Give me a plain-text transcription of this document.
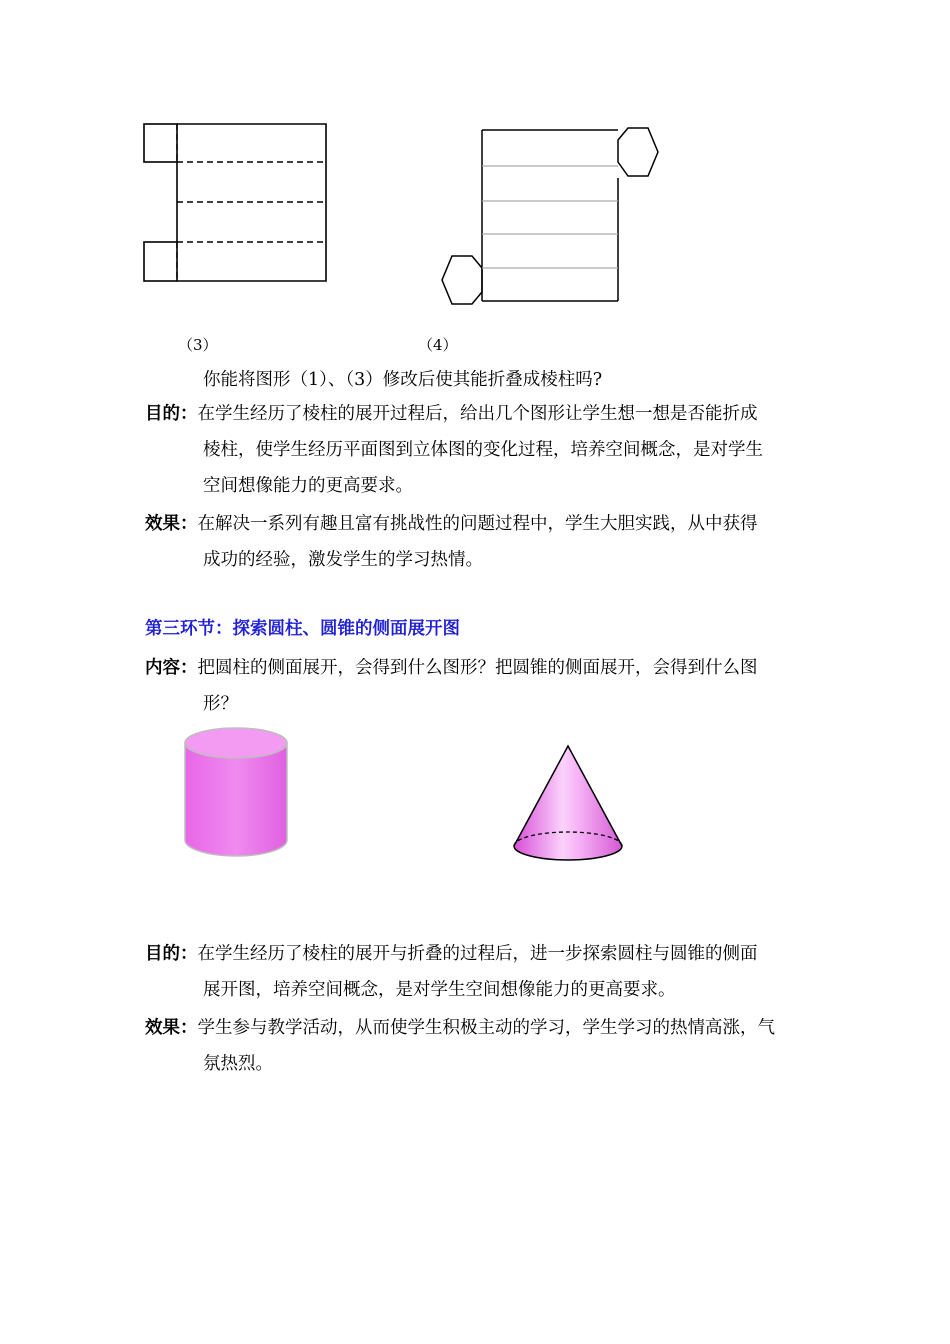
（3）	（4）
你能将图形（1）、（3）修改后使其能折叠成棱柱吗?
目的：在学生经历了棱柱的展开过程后，给出几个图形让学生想一想是否能折成
棱柱，使学生经历平面图到立体图的变化过程，培养空间概念，是对学生
空间想像能力的更高要求。
效果：在解决一系列有趣且富有挑战性的问题过程中，学生大胆实践，从中获得
成功的经验，激发学生的学习热情。
第三环节：探索圆柱、圆锥的侧面展开图
内容：把圆柱的侧面展开，会得到什么图形？把圆锥的侧面展开，会得到什么图
形？
目的：在学生经历了棱柱的展开与折叠的过程后，进一步探索圆柱与圆锥的侧面
展开图，培养空间概念，是对学生空间想像能力的更高要求。
效果：学生参与教学活动，从而使学生积极主动的学习，学生学习的热情高涨，气
氛热烈。
